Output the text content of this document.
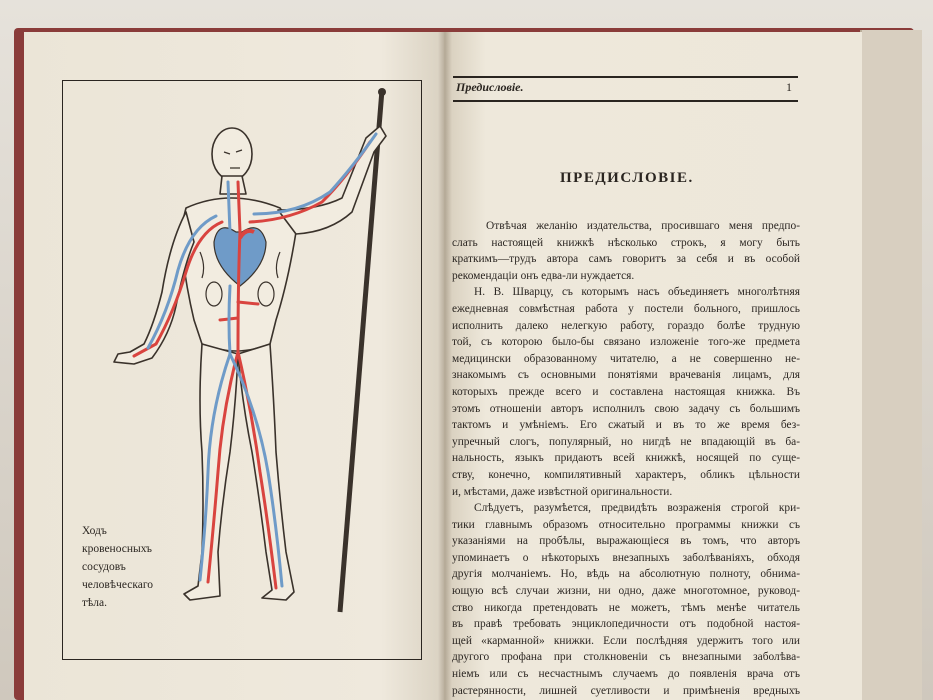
Ходъ
кровеносныхъ
сосудовъ
человѣческаго
тѣла.
Предисловіе.	1
ПРЕДИСЛОВІЕ.
Отвѣчая желанію издательства, просившаго меня предпо-
слать настоящей книжкѣ нѣсколько строкъ, я могу быть
краткимъ—трудъ автора самъ говоритъ за себя и въ особой
рекомендаціи онъ едва-ли нуждается.
Н. В. Шварцу, съ которымъ насъ объединяетъ многолѣтняя
ежедневная совмѣстная работа у постели больного, пришлось
исполнить далеко нелегкую работу, гораздо болѣе трудную
той, съ которою было-бы связано изложеніе того-же предмета
медицински образованному читателю, а не совершенно не-
знакомымъ съ основными понятіями врачеванія лицамъ, для
которыхъ прежде всего и составлена настоящая книжка. Въ
этомъ отношеніи авторъ исполнилъ свою задачу съ большимъ
тактомъ и умѣніемъ. Его сжатый и въ то же время без-
упречный слогъ, популярный, но нигдѣ не впадающій въ ба-
нальность, языкъ придаютъ всей книжкѣ, носящей по суще-
ству, конечно, компилятивный характеръ, обликъ цѣльности
и, мѣстами, даже извѣстной оригинальности.
Слѣдуетъ, разумѣется, предвидѣть возраженія строгой кри-
тики главнымъ образомъ относительно программы книжки съ
указаніями на пробѣлы, выражающіеся въ томъ, что авторъ
упоминаетъ о нѣкоторыхъ внезапныхъ заболѣваніяхъ, обходя
другія молчаніемъ. Но, вѣдь на абсолютную полноту, обнима-
ющую всѣ случаи жизни, ни одно, даже многотомное, руковод-
ство никогда претендовать не можетъ, тѣмъ менѣе читатель
въ правѣ требовать энциклопедичности отъ подобной настоя-
щей «карманной» книжки. Если послѣдняя удержитъ того или
другого профана при столкновеніи съ внезапными заболѣва-
ніемъ или съ несчастнымъ случаемъ до появленія врача отъ
растерянности, лишней суетливости и примѣненія вредныхъ
